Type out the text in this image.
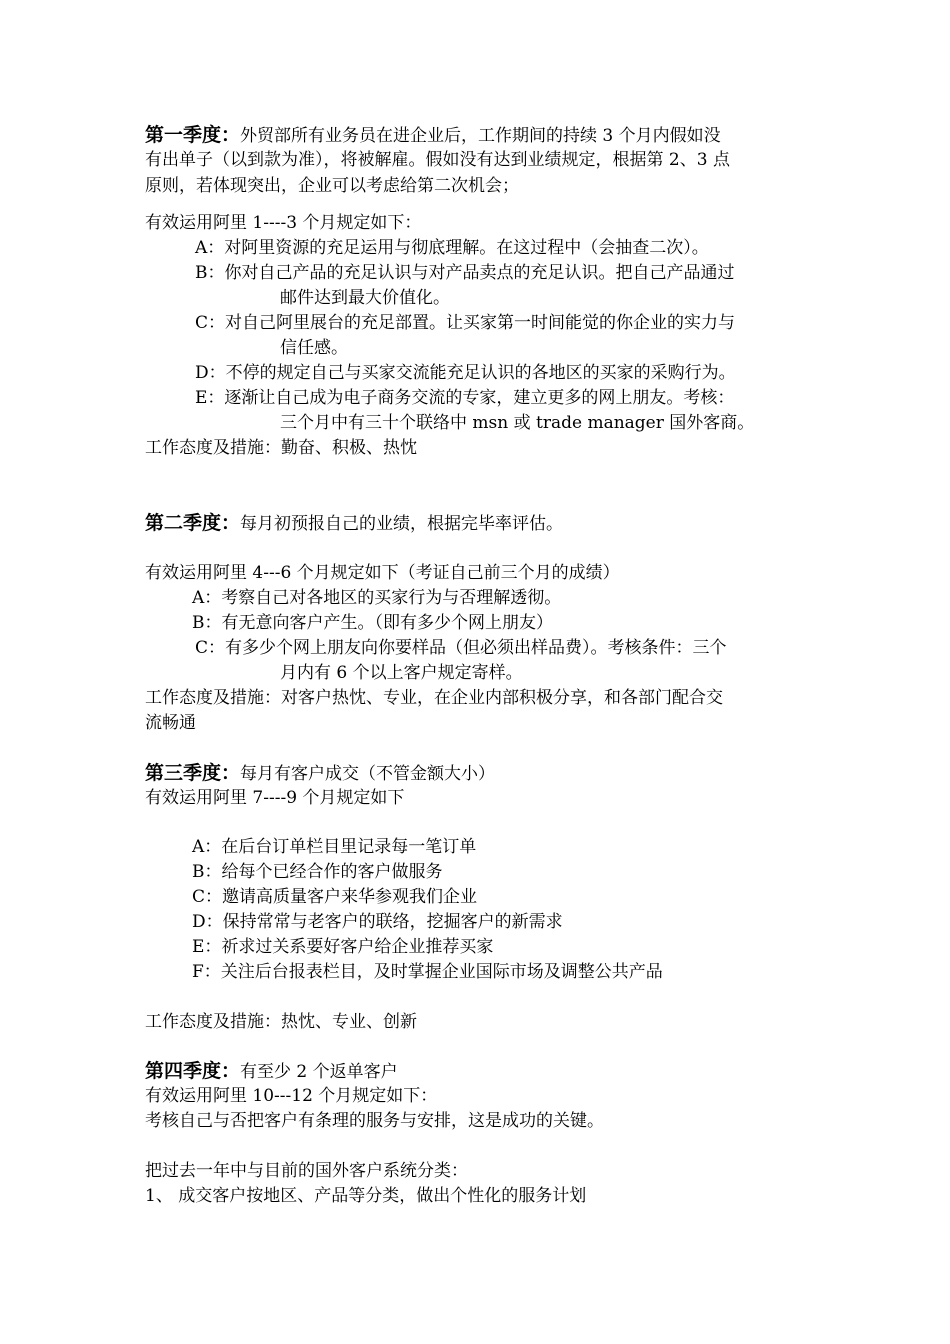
第一季度：外贸部所有业务员在进企业后，工作期间的持续 3 个月内假如没
有出单子（以到款为准），将被解雇。假如没有达到业绩规定，根据第 2、3 点
原则，若体现突出，企业可以考虑给第二次机会；
有效运用阿里 1----3 个月规定如下：
A：对阿里资源的充足运用与彻底理解。在这过程中（会抽查二次）。
B：你对自己产品的充足认识与对产品卖点的充足认识。把自己产品通过
邮件达到最大价值化。
C：对自己阿里展台的充足部置。让买家第一时间能觉的你企业的实力与
信任感。
D：不停的规定自己与买家交流能充足认识的各地区的买家的采购行为。
E：逐渐让自己成为电子商务交流的专家，建立更多的网上朋友。考核：
三个月中有三十个联络中 msn 或 trade manager 国外客商。
工作态度及措施：勤奋、积极、热忱
第二季度：每月初预报自己的业绩，根据完毕率评估。
有效运用阿里 4---6 个月规定如下（考证自己前三个月的成绩）
A：考察自己对各地区的买家行为与否理解透彻。
B：有无意向客户产生。（即有多少个网上朋友）
C：有多少个网上朋友向你要样品（但必须出样品费）。考核条件：三个
月内有 6 个以上客户规定寄样。
工作态度及措施：对客户热忱、专业，在企业内部积极分享，和各部门配合交
流畅通
第三季度：每月有客户成交（不管金额大小）
有效运用阿里 7----9 个月规定如下
A：在后台订单栏目里记录每一笔订单
B：给每个已经合作的客户做服务
C：邀请高质量客户来华参观我们企业
D：保持常常与老客户的联络，挖掘客户的新需求
E：祈求过关系要好客户给企业推荐买家
F：关注后台报表栏目，及时掌握企业国际市场及调整公共产品
工作态度及措施：热忱、专业、创新
第四季度：有至少 2 个返单客户
有效运用阿里 10---12 个月规定如下：
考核自己与否把客户有条理的服务与安排，这是成功的关键。
把过去一年中与目前的国外客户系统分类：
1、 成交客户按地区、产品等分类，做出个性化的服务计划
